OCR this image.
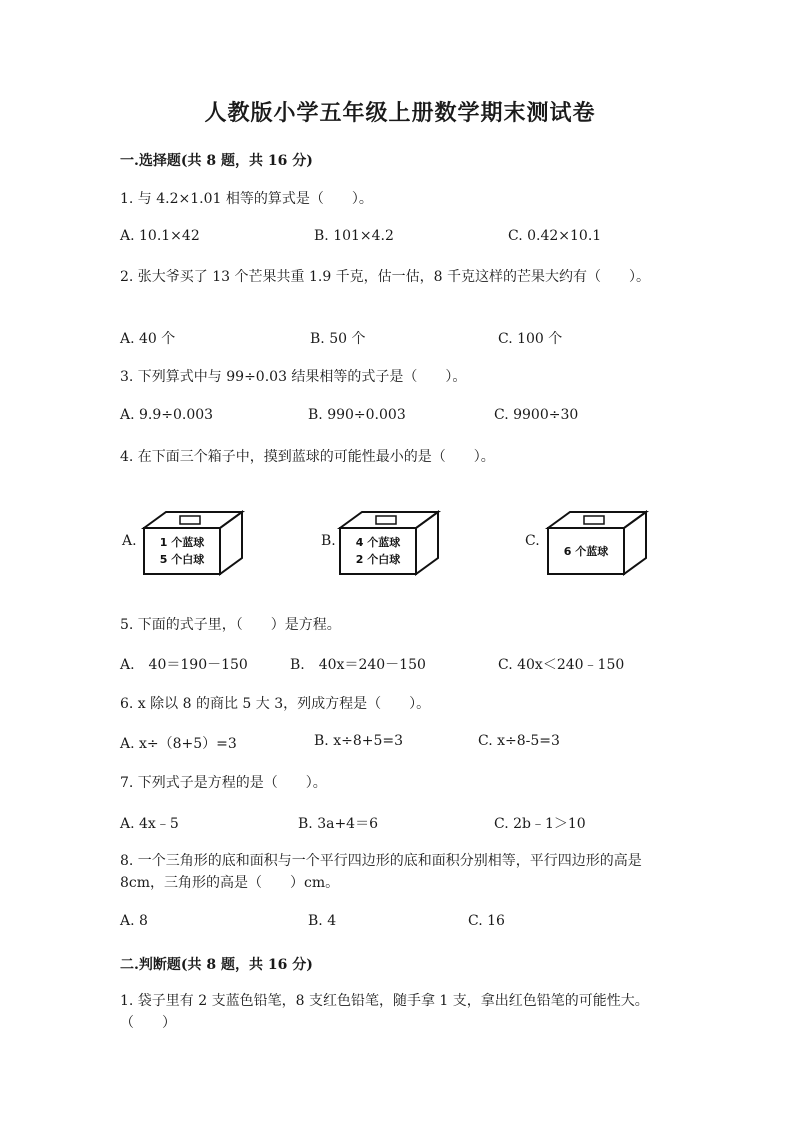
人教版小学五年级上册数学期末测试卷
一.选择题(共 8 题，共 16 分)
1. 与 4.2×1.01 相等的算式是（　　）。
A. 10.1×42	B. 101×4.2	C. 0.42×10.1
2. 张大爷买了 13 个芒果共重 1.9 千克，估一估，8 千克这样的芒果大约有（　　）。
A. 40 个	B. 50 个	C. 100 个
3. 下列算式中与 99÷0.03 结果相等的式子是（　　）。
A. 9.9÷0.003	B. 990÷0.003	C. 9900÷30
4. 在下面三个箱子中，摸到蓝球的可能性最小的是（　　）。
A. 1 个蓝球
5 个白球
B. 4 个蓝球
2 个白球
C.
6 个蓝球
5. 下面的式子里，（　　）是方程。
A.　40＝190－150	B.　40x＝240－150	C. 40x＜240﹣150
6. x 除以 8 的商比 5 大 3，列成方程是（　　）。
A. x÷（8+5）=3	B. x÷8+5=3	C. x÷8-5=3
7. 下列式子是方程的是（　　）。
A. 4x﹣5	B. 3a+4＝6	C. 2b﹣1＞10
8. 一个三角形的底和面积与一个平行四边形的底和面积分别相等，平行四边形的高是 8cm，三角形的高是（　　）cm。
A. 8	B. 4	C. 16
二.判断题(共 8 题，共 16 分)
1. 袋子里有 2 支蓝色铅笔，8 支红色铅笔，随手拿 1 支，拿出红色铅笔的可能性大。（　　）
